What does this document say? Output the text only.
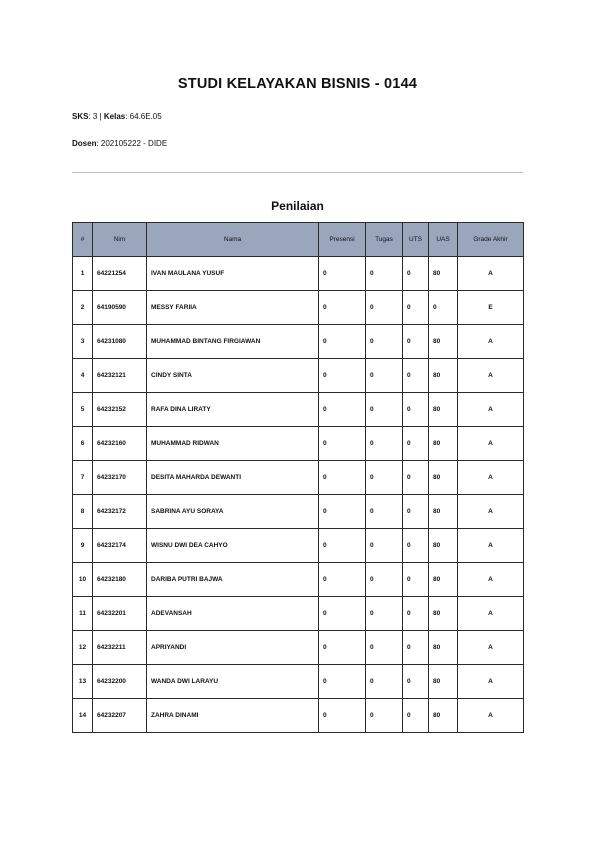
STUDI KELAYAKAN BISNIS - 0144
SKS: 3 | Kelas: 64.6E.05
Dosen: 202105222 - DIDE
Penilaian
#	Nim	Nama	Presensi	Tugas	UTS	UAS	Grade Akhir
1	64221254	IVAN MAULANA YUSUF	0	0	0	80	A
2	64190590	MESSY FARIIA	0	0	0	0	E
3	64231080	MUHAMMAD BINTANG FIRGIAWAN	0	0	0	80	A
4	64232121	CINDY SINTA	0	0	0	80	A
5	64232152	RAFA DINA LIRATY	0	0	0	80	A
6	64232160	MUHAMMAD RIDWAN	0	0	0	80	A
7	64232170	DESITA MAHARDA DEWANTI	0	0	0	80	A
8	64232172	SABRINA AYU SORAYA	0	0	0	80	A
9	64232174	WISNU DWI DEA CAHYO	0	0	0	80	A
10	64232180	DARIBA PUTRI BAJWA	0	0	0	80	A
11	64232201	ADEVANSAH	0	0	0	80	A
12	64232211	APRIYANDI	0	0	0	80	A
13	64232200	WANDA DWI LARAYU	0	0	0	80	A
14	64232207	ZAHRA DINAMI	0	0	0	80	A
